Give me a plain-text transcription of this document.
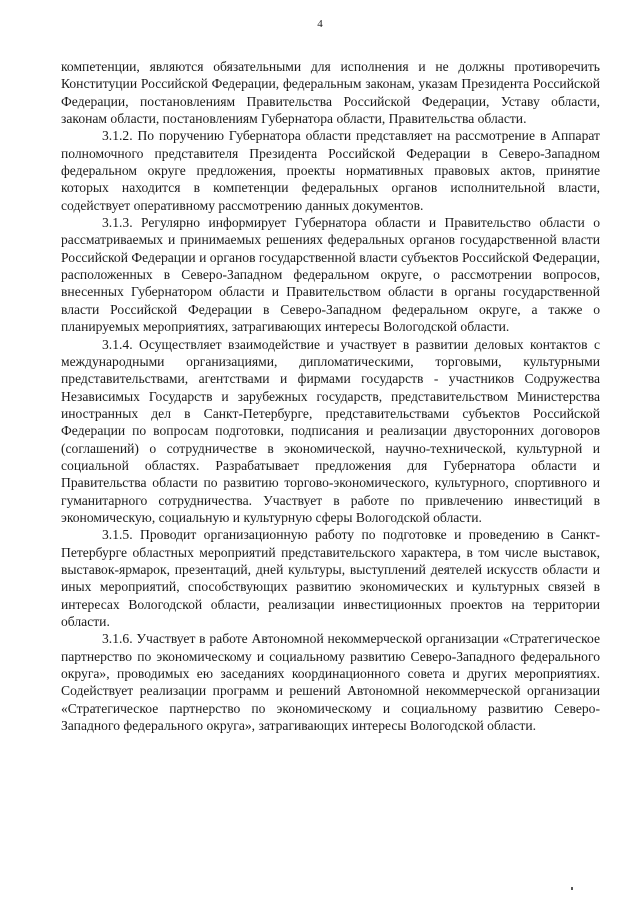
4

компетенции, являются обязательными для исполнения и не должны противоречить Конституции Российской Федерации, федеральным законам, указам Президента Российской Федерации, постановлениям Правительства Российской Федерации, Уставу области, законам области, постановлениям Губернатора области, Правительства области.

3.1.2. По поручению Губернатора области представляет на рассмотрение в Аппарат полномочного представителя Президента Российской Федерации в Северо-Западном федеральном округе предложения, проекты нормативных правовых актов, принятие которых находится в компетенции федеральных органов исполнительной власти, содействует оперативному рассмотрению данных документов.

3.1.3. Регулярно информирует Губернатора области и Правительство области о рассматриваемых и принимаемых решениях федеральных органов государственной власти Российской Федерации и органов государственной власти субъектов Российской Федерации, расположенных в Северо-Западном федеральном округе, о рассмотрении вопросов, внесенных Губернатором области и Правительством области в органы государственной власти Российской Федерации в Северо-Западном федеральном округе, а также о планируемых мероприятиях, затрагивающих интересы Вологодской области.

3.1.4. Осуществляет взаимодействие и участвует в развитии деловых контактов с международными организациями, дипломатическими, торговыми, культурными представительствами, агентствами и фирмами государств - участников Содружества Независимых Государств и зарубежных государств, представительством Министерства иностранных дел в Санкт-Петербурге, представительствами субъектов Российской Федерации по вопросам подготовки, подписания и реализации двусторонних договоров (соглашений) о сотрудничестве в экономической, научно-технической, культурной и социальной областях. Разрабатывает предложения для Губернатора области и Правительства области по развитию торгово-экономического, культурного, спортивного и гуманитарного сотрудничества. Участвует в работе по привлечению инвестиций в экономическую, социальную и культурную сферы Вологодской области.

3.1.5. Проводит организационную работу по подготовке и проведению в Санкт-Петербурге областных мероприятий представительского характера, в том числе выставок, выставок-ярмарок, презентаций, дней культуры, выступлений деятелей искусств области и иных мероприятий, способствующих развитию экономических и культурных связей в интересах Вологодской области, реализации инвестиционных проектов на территории области.

3.1.6. Участвует в работе Автономной некоммерческой организации «Стратегическое партнерство по экономическому и социальному развитию Северо-Западного федерального округа», проводимых ею заседаниях координационного совета и других мероприятиях. Содействует реализации программ и решений Автономной некоммерческой организации «Стратегическое партнерство по экономическому и социальному развитию Северо-Западного федерального округа», затрагивающих интересы Вологодской области.
